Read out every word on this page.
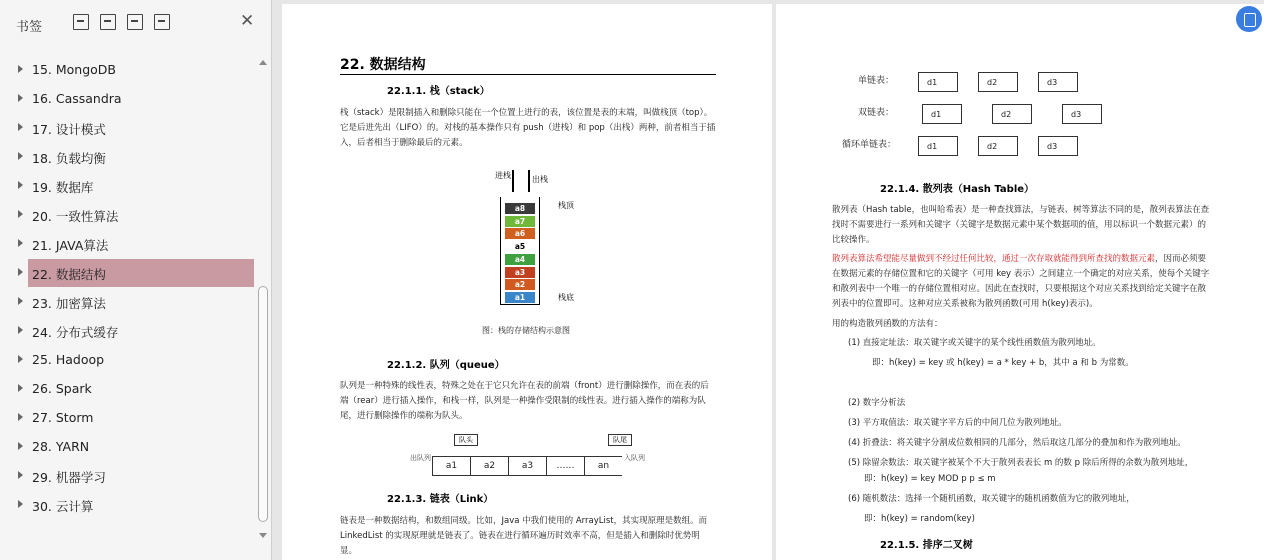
书签	✕
15. MongoDB
16. Cassandra
17. 设计模式
18. 负载均衡
19. 数据库
20. 一致性算法
21. JAVA算法
22. 数据结构
23. 加密算法
24. 分布式缓存
25. Hadoop
26. Spark
27. Storm
28. YARN
29. 机器学习
30. 云计算
22. 数据结构
22.1.1. 栈（stack）
栈（stack）是限制插入和删除只能在一个位置上进行的表，该位置是表的末端，叫做栈顶（top）。它是后进先出（LIFO）的。对栈的基本操作只有 push（进栈）和 pop（出栈）两种，前者相当于插入，后者相当于删除最后的元素。
进栈	出栈
a8
a7
a6
a5
a4
a3
a2
a1
栈顶
栈底
图：栈的存储结构示意图
22.1.2. 队列（queue）
队列是一种特殊的线性表，特殊之处在于它只允许在表的前端（front）进行删除操作，而在表的后端（rear）进行插入操作，和栈一样，队列是一种操作受限制的线性表。进行插入操作的端称为队尾，进行删除操作的端称为队头。
队头	队尾
出队列	入队列
a1	a2	a3	……	an
22.1.3. 链表（Link）
链表是一种数据结构，和数组同级。比如，Java 中我们使用的 ArrayList，其实现原理是数组。而LinkedList 的实现原理就是链表了。链表在进行循环遍历时效率不高，但是插入和删除时优势明显。
单链表：
双链表：
循环单链表：
d1	d2	d3
d1	d2	d3
d1	d2	d3
22.1.4. 散列表（Hash Table）
散列表（Hash table，也叫哈希表）是一种查找算法，与链表、树等算法不同的是，散列表算法在查找时不需要进行一系列和关键字（关键字是数据元素中某个数据项的值，用以标识一个数据元素）的比较操作。
散列表算法希望能尽量做到不经过任何比较，通过一次存取就能得到所查找的数据元素，因而必须要在数据元素的存储位置和它的关键字（可用 key 表示）之间建立一个确定的对应关系，使每个关键字和散列表中一个唯一的存储位置相对应。因此在查找时，只要根据这个对应关系找到给定关键字在散列表中的位置即可。这种对应关系被称为散列函数(可用 h(key)表示)。
用的构造散列函数的方法有：
(1) 直接定址法：取关键字或关键字的某个线性函数值为散列地址。
即：h(key) = key 或 h(key) = a * key + b，其中 a 和 b 为常数。
(2) 数字分析法
(3) 平方取值法：取关键字平方后的中间几位为散列地址。
(4) 折叠法：将关键字分割成位数相同的几部分，然后取这几部分的叠加和作为散列地址。
(5) 除留余数法：取关键字被某个不大于散列表表长 m 的数 p 除后所得的余数为散列地址，
即：h(key) = key MOD p p ≤ m
(6) 随机数法：选择一个随机函数，取关键字的随机函数值为它的散列地址，
即：h(key) = random(key)
22.1.5. 排序二叉树
